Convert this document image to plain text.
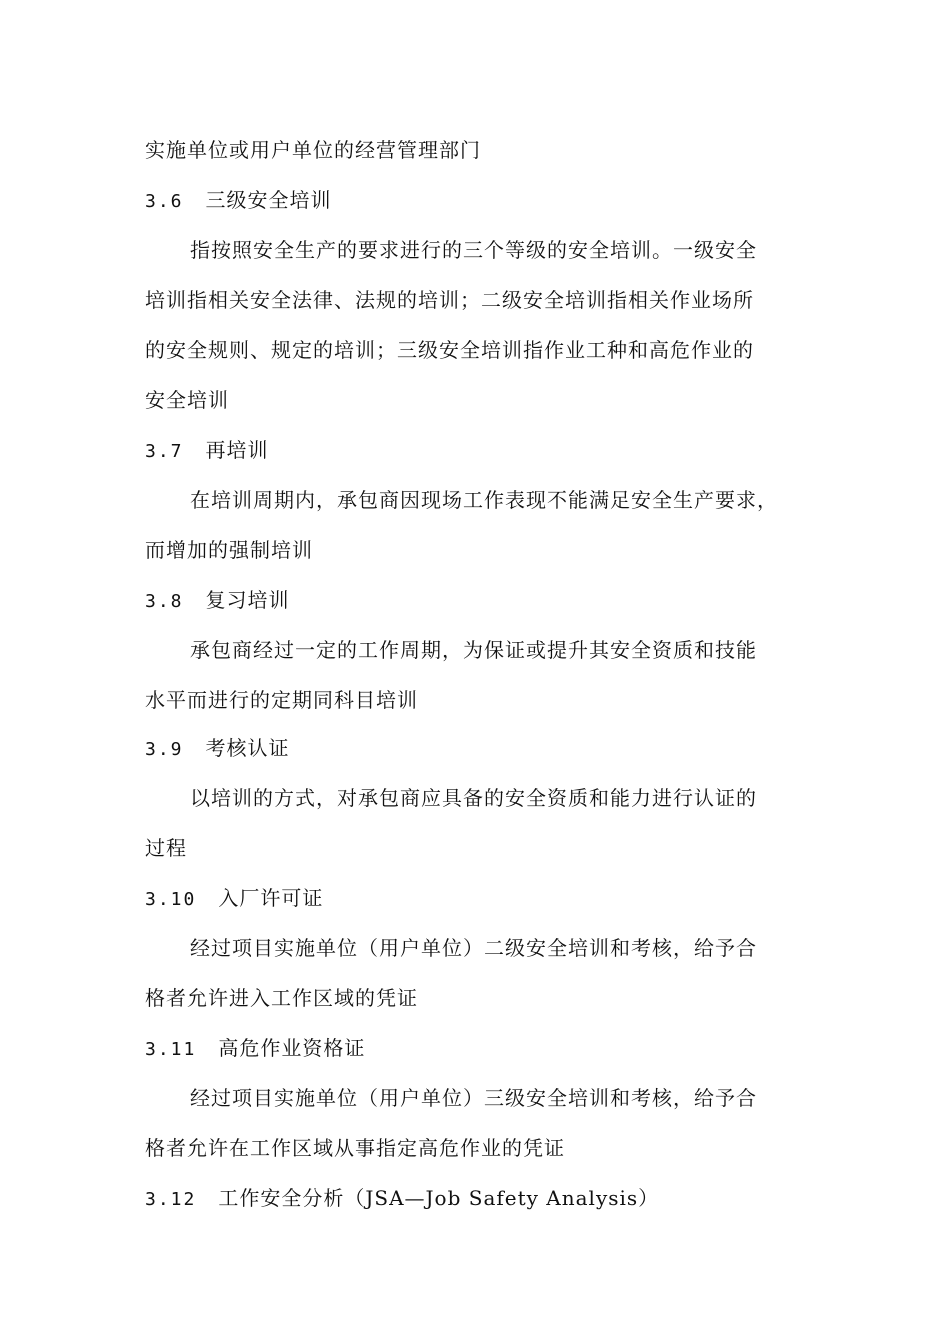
实施单位或用户单位的经营管理部门
3.6 三级安全培训
指按照安全生产的要求进行的三个等级的安全培训。一级安全
培训指相关安全法律、法规的培训；二级安全培训指相关作业场所
的安全规则、规定的培训；三级安全培训指作业工种和高危作业的
安全培训
3.7 再培训
在培训周期内，承包商因现场工作表现不能满足安全生产要求，
而增加的强制培训
3.8 复习培训
承包商经过一定的工作周期，为保证或提升其安全资质和技能
水平而进行的定期同科目培训
3.9 考核认证
以培训的方式，对承包商应具备的安全资质和能力进行认证的
过程
3.10 入厂许可证
经过项目实施单位（用户单位）二级安全培训和考核，给予合
格者允许进入工作区域的凭证
3.11 高危作业资格证
经过项目实施单位（用户单位）三级安全培训和考核，给予合
格者允许在工作区域从事指定高危作业的凭证
3.12 工作安全分析（JSA—Job Safety Analysis）
